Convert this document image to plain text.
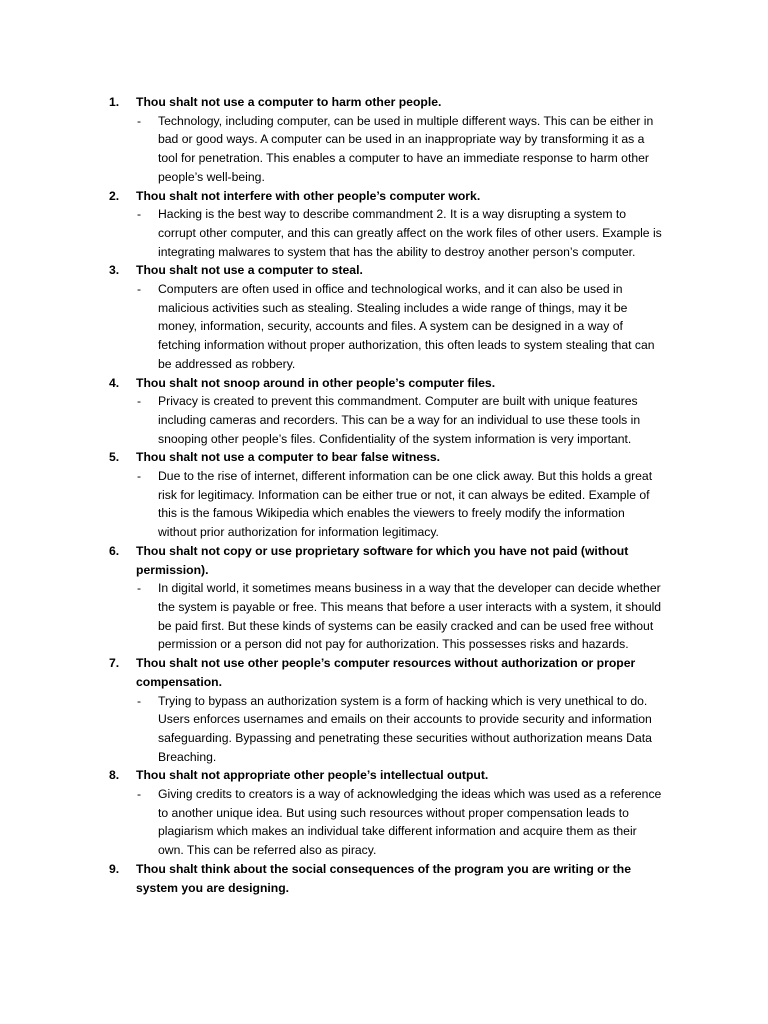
1.	Thou shalt not use a computer to harm other people.
- Technology, including computer, can be used in multiple different ways. This can be either in bad or good ways. A computer can be used in an inappropriate way by transforming it as a tool for penetration. This enables a computer to have an immediate response to harm other people’s well-being.

2.	Thou shalt not interfere with other people’s computer work.
- Hacking is the best way to describe commandment 2. It is a way disrupting a system to corrupt other computer, and this can greatly affect on the work files of other users. Example is integrating malwares to system that has the ability to destroy another person’s computer.

3.	Thou shalt not use a computer to steal.
- Computers are often used in office and technological works, and it can also be used in malicious activities such as stealing. Stealing includes a wide range of things, may it be money, information, security, accounts and files. A system can be designed in a way of fetching information without proper authorization, this often leads to system stealing that can be addressed as robbery.

4.	Thou shalt not snoop around in other people’s computer files.
- Privacy is created to prevent this commandment. Computer are built with unique features including cameras and recorders. This can be a way for an individual to use these tools in snooping other people’s files. Confidentiality of the system information is very important.

5.	Thou shalt not use a computer to bear false witness.
- Due to the rise of internet, different information can be one click away. But this holds a great risk for legitimacy. Information can be either true or not, it can always be edited. Example of this is the famous Wikipedia which enables the viewers to freely modify the information without prior authorization for information legitimacy.

6.	Thou shalt not copy or use proprietary software for which you have not paid (without permission).
- In digital world, it sometimes means business in a way that the developer can decide whether the system is payable or free. This means that before a user interacts with a system, it should be paid first. But these kinds of systems can be easily cracked and can be used free without permission or a person did not pay for authorization. This possesses risks and hazards.

7.	Thou shalt not use other people’s computer resources without authorization or proper compensation.
- Trying to bypass an authorization system is a form of hacking which is very unethical to do. Users enforces usernames and emails on their accounts to provide security and information safeguarding. Bypassing and penetrating these securities without authorization means Data Breaching.

8.	Thou shalt not appropriate other people’s intellectual output.
- Giving credits to creators is a way of acknowledging the ideas which was used as a reference to another unique idea. But using such resources without proper compensation leads to plagiarism which makes an individual take different information and acquire them as their own. This can be referred also as piracy.

9.	Thou shalt think about the social consequences of the program you are writing or the system you are designing.
